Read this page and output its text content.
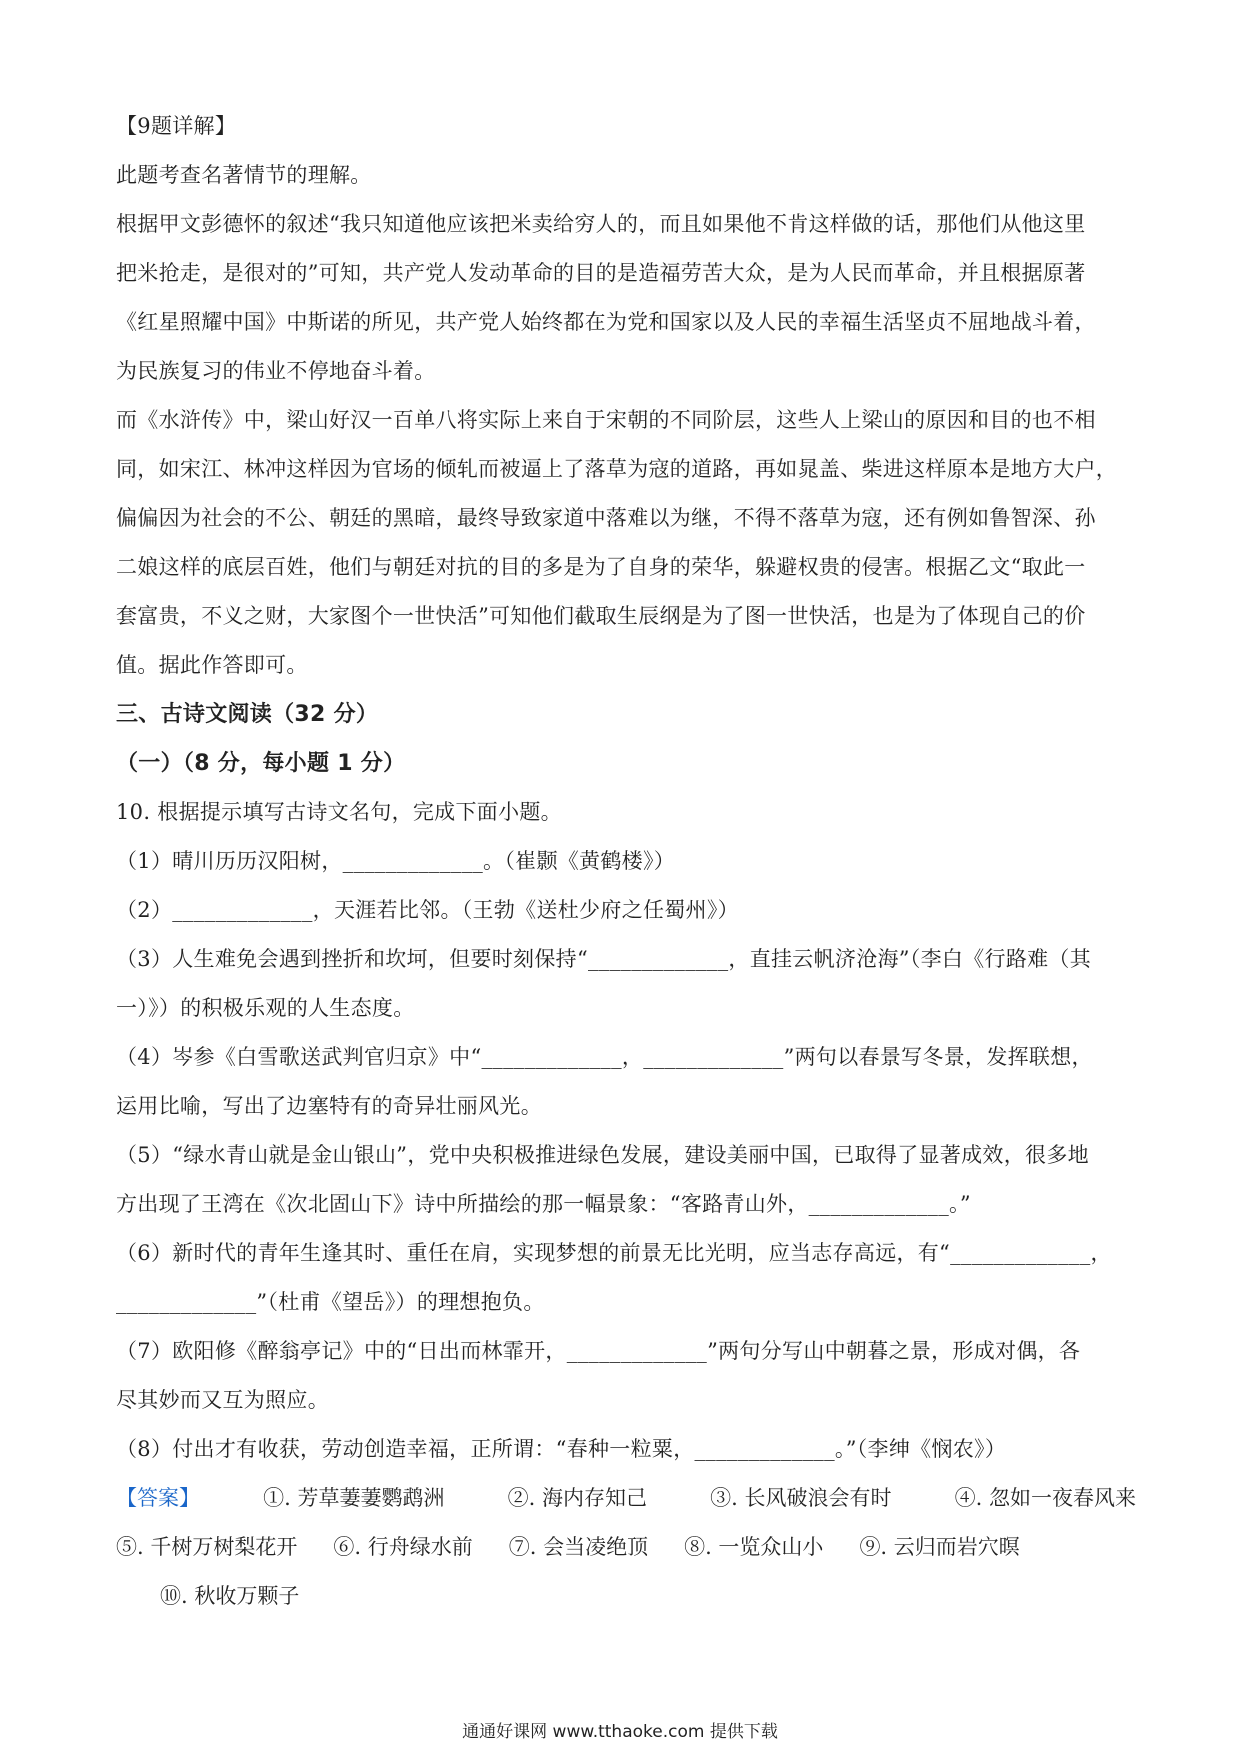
【9题详解】
此题考查名著情节的理解。
根据甲文彭德怀的叙述“我只知道他应该把米卖给穷人的，而且如果他不肯这样做的话，那他们从他这里
把米抢走，是很对的”可知，共产党人发动革命的目的是造福劳苦大众，是为人民而革命，并且根据原著
《红星照耀中国》中斯诺的所见，共产党人始终都在为党和国家以及人民的幸福生活坚贞不屈地战斗着，
为民族复习的伟业不停地奋斗着。
而《水浒传》中，梁山好汉一百单八将实际上来自于宋朝的不同阶层，这些人上梁山的原因和目的也不相
同，如宋江、林冲这样因为官场的倾轧而被逼上了落草为寇的道路，再如晁盖、柴进这样原本是地方大户，
偏偏因为社会的不公、朝廷的黑暗，最终导致家道中落难以为继，不得不落草为寇，还有例如鲁智深、孙
二娘这样的底层百姓，他们与朝廷对抗的目的多是为了自身的荣华，躲避权贵的侵害。根据乙文“取此一
套富贵，不义之财，大家图个一世快活”可知他们截取生辰纲是为了图一世快活，也是为了体现自己的价
值。据此作答即可。
三、古诗文阅读（32 分）
（一）（8 分，每小题 1 分）
10. 根据提示填写古诗文名句，完成下面小题。
（1）晴川历历汉阳树，_____________。（崔颢《黄鹤楼》）
（2）_____________，天涯若比邻。（王勃《送杜少府之任蜀州》）
（3）人生难免会遇到挫折和坎坷，但要时刻保持“_____________，直挂云帆济沧海”（李白《行路难（其
一）》）的积极乐观的人生态度。
（4）岑参《白雪歌送武判官归京》中“_____________，_____________”两句以春景写冬景，发挥联想，
运用比喻，写出了边塞特有的奇异壮丽风光。
（5）“绿水青山就是金山银山”，党中央积极推进绿色发展，建设美丽中国，已取得了显著成效，很多地
方出现了王湾在《次北固山下》诗中所描绘的那一幅景象：“客路青山外，_____________。”
（6）新时代的青年生逢其时、重任在肩，实现梦想的前景无比光明，应当志存高远，有“_____________，
_____________”（杜甫《望岳》）的理想抱负。
（7）欧阳修《醉翁亭记》中的“日出而林霏开，_____________”两句分写山中朝暮之景，形成对偶，各
尽其妙而又互为照应。
（8）付出才有收获，劳动创造幸福，正所谓：“春种一粒粟，_____________。”（李绅《悯农》）
【答案】	①. 芳草萋萋鹦鹉洲	②. 海内存知己	③. 长风破浪会有时	④. 忽如一夜春风来
⑤. 千树万树梨花开 ⑥. 行舟绿水前 ⑦. 会当凌绝顶 ⑧. 一览众山小 ⑨. 云归而岩穴暝
⑩. 秋收万颗子
通通好课网 www.tthaoke.com 提供下载
